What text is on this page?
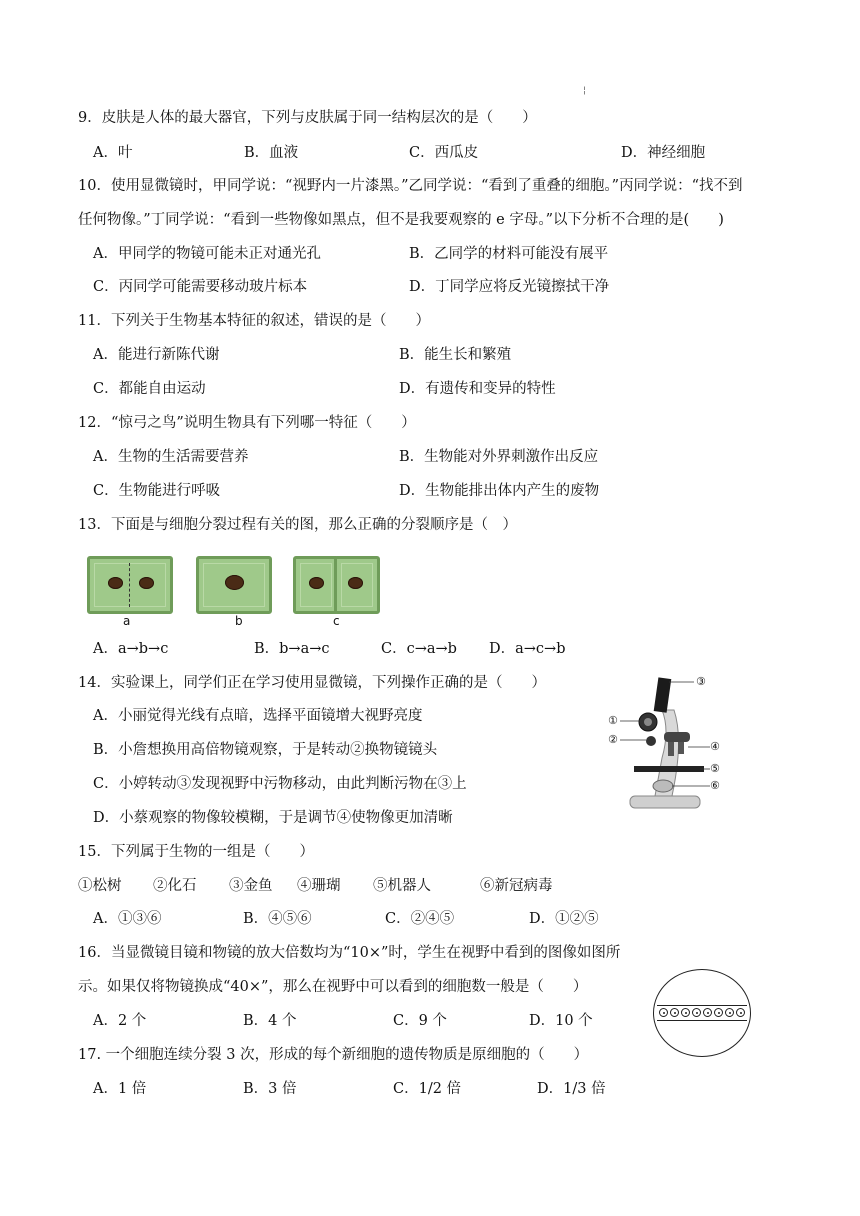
¦
9．皮肤是人体的最大器官，下列与皮肤属于同一结构层次的是（　　）
A．叶	B．血液	C．西瓜皮	D．神经细胞
10．使用显微镜时，甲同学说：“视野内一片漆黑。”乙同学说：“看到了重叠的细胞。”丙同学说：“找不到
任何物像。”丁同学说：“看到一些物像如黑点，但不是我要观察的 e 字母。”以下分析不合理的是(　　)
A．甲同学的物镜可能未正对通光孔	B．乙同学的材料可能没有展平
C．丙同学可能需要移动玻片标本	D．丁同学应将反光镜擦拭干净
11．下列关于生物基本特征的叙述，错误的是（　　）
A．能进行新陈代谢	B．能生长和繁殖
C．都能自由运动	D．有遗传和变异的特性
12．“惊弓之鸟”说明生物具有下列哪一特征（　　）
A．生物的生活需要营养	B．生物能对外界刺激作出反应
C．生物能进行呼吸	D．生物能排出体内产生的废物
13．下面是与细胞分裂过程有关的图，那么正确的分裂顺序是（　）
a	b	c
A．a→b→c	B．b→a→c	C．c→a→b D．a→c→b
14．实验课上，同学们正在学习使用显微镜，下列操作正确的是（　　）
A．小丽觉得光线有点暗，选择平面镜增大视野亮度
B．小詹想换用高倍物镜观察，于是转动②换物镜镜头
C．小婷转动③发现视野中污物移动，由此判断污物在③上
D．小蔡观察的物像较模糊，于是调节④使物像更加清晰
③
①
②
④
⑤
⑥
15．下列属于生物的一组是（　　）
①松树 ②化石 ③金鱼 ④珊瑚 ⑤机器人	⑥新冠病毒
A．①③⑥	B．④⑤⑥	C．②④⑤	D．①②⑤
16．当显微镜目镜和物镜的放大倍数均为“10×”时，学生在视野中看到的图像如图所
示。如果仅将物镜换成“40×”，那么在视野中可以看到的细胞数一般是（　　）
A．2 个	B．4 个	C．9 个	D．10 个
17. 一个细胞连续分裂 3 次，形成的每个新细胞的遗传物质是原细胞的（　　）
A．1 倍	B．3 倍	C．1/2 倍	D．1/3 倍
